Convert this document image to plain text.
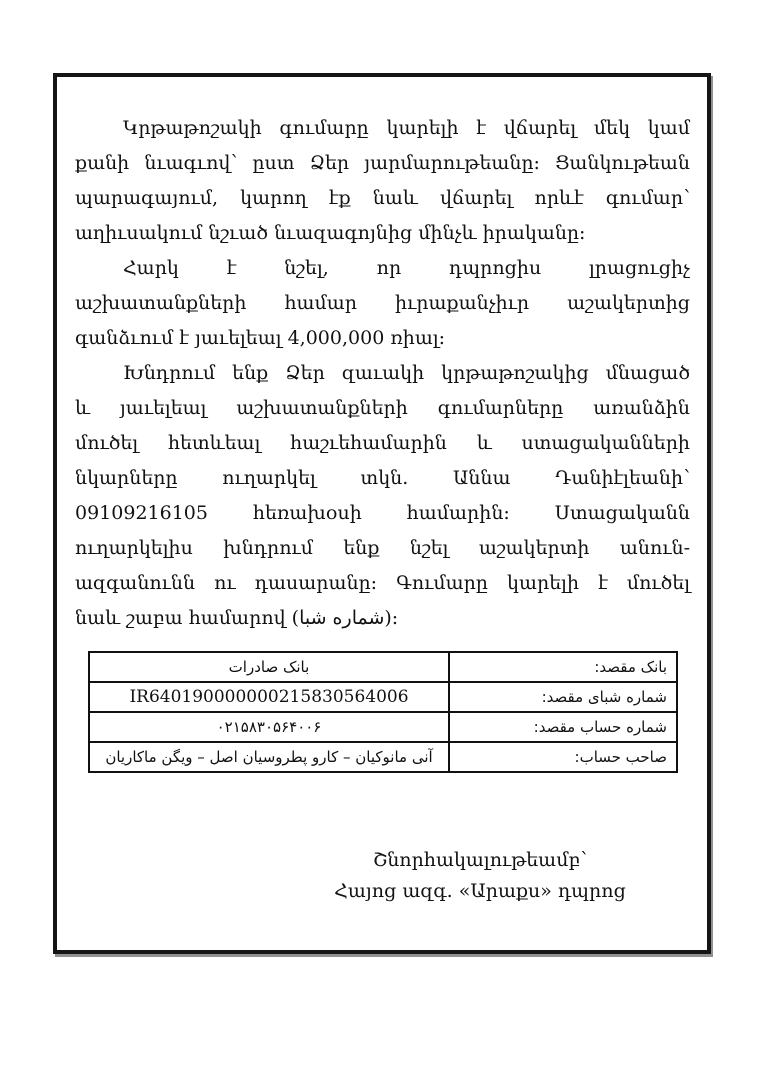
Կրթաթոշակի գումարը կարելի է վճարել մեկ կամ
քանի նւագւով՝ ըստ Ձեր յարմարութեանը։ Ցանկութեան
պարագայում, կարող էք նաև վճարել որևէ գումար՝
աղիւսակում նշւած նւազագոյնից մինչև իրականը։
Հարկ է նշել, որ դպրոցիս լրացուցիչ
աշխատանքների համար իւրաքանչիւր աշակերտից
գանձւում է յաւելեալ 4,000,000 ռիալ։
Խնդրում ենք Ձեր զաւակի կրթաթոշակից մնացած
և յաւելեալ աշխատանքների գումարները առանձին
մուծել հետևեալ հաշւեհամարին և ստացականների
նկարները ուղարկել տկն. Աննա Դանիէլեանի՝
09109216105 հեռախօսի համարին։ Ստացականն
ուղարկելիս խնդրում ենք նշել աշակերտի անուն-
ազգանունն ու դասարանը։ Գումարը կարելի է մուծել
նաև շաբա համարով (شماره شبا)։
بانک مقصد:	بانک صادرات
شماره شبای مقصد:	IR640190000000215830564006
شماره حساب مقصد:	۰۲۱۵۸۳۰۵۶۴۰۰۶
صاحب حساب:	آنی مانوکیان – کارو پطروسیان اصل – ویگن ماکاریان
Շնորհակալութեամբ՝
Հայոց ազգ. «Արաքս» դպրոց
